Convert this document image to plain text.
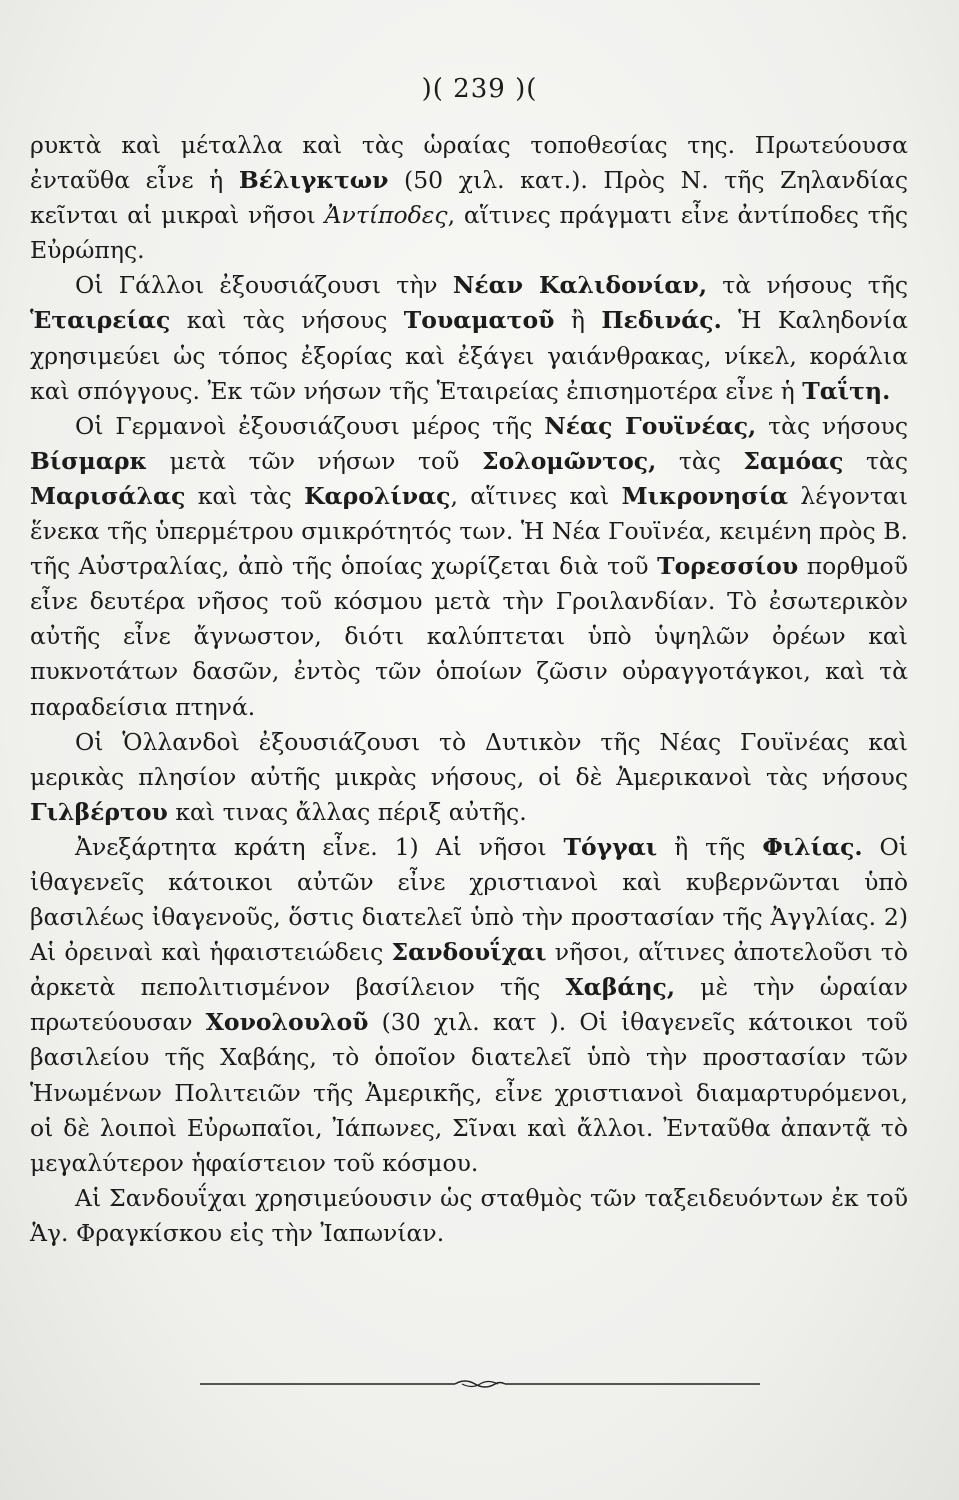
)( 239 )(

ρυκτὰ καὶ μέταλλα καὶ τὰς ὡραίας τοποθεσίας της. Πρωτεύουσα ἐνταῦθα εἶνε ἡ Βέλιγκτων (50 χιλ. κατ.). Πρὸς Ν. τῆς Ζηλανδίας κεῖνται αἱ μικραὶ νῆσοι Ἀντίποδες, αἵτινες πράγματι εἶνε ἀντίποδες τῆς Εὐρώπης.

Οἱ Γάλλοι ἐξουσιάζουσι τὴν Νέαν Καλιδονίαν, τὰ νήσους τῆς Ἑταιρείας καὶ τὰς νήσους Τουαματοῦ ἢ Πεδινάς. Ἡ Καληδονία χρησιμεύει ὡς τόπος ἐξορίας καὶ ἐξάγει γαιάνθρακας, νίκελ, κοράλια καὶ σπόγγους. Ἐκ τῶν νήσων τῆς Ἑταιρείας ἐπισημοτέρα εἶνε ἡ Ταΐτη.

Οἱ Γερμανοὶ ἐξουσιάζουσι μέρος τῆς Νέας Γουϊνέας, τὰς νήσους Βίσμαρκ μετὰ τῶν νήσων τοῦ Σολομῶντος, τὰς Σαμόας τὰς Μαρισάλας καὶ τὰς Καρολίνας, αἵτινες καὶ Μικρονησία λέγονται ἕνεκα τῆς ὑπερμέτρου σμικρότητός των. Ἡ Νέα Γουϊνέα, κειμένη πρὸς Β. τῆς Αὐστραλίας, ἀπὸ τῆς ὁποίας χωρίζεται διὰ τοῦ Τορεσσίου πορθμοῦ εἶνε δευτέρα νῆσος τοῦ κόσμου μετὰ τὴν Γροιλανδίαν. Τὸ ἐσωτερικὸν αὐτῆς εἶνε ἄγνωστον, διότι καλύπτεται ὑπὸ ὑψηλῶν ὀρέων καὶ πυκνοτάτων δασῶν, ἐντὸς τῶν ὁποίων ζῶσιν οὐραγγοτάγκοι, καὶ τὰ παραδείσια πτηνά.

Οἱ Ὁλλανδοὶ ἐξουσιάζουσι τὸ Δυτικὸν τῆς Νέας Γουϊνέας καὶ μερικὰς πλησίον αὐτῆς μικρὰς νήσους, οἱ δὲ Ἀμερικανοὶ τὰς νήσους Γιλβέρτου καὶ τινας ἄλλας πέριξ αὐτῆς.

Ἀνεξάρτητα κράτη εἶνε. 1) Αἱ νῆσοι Τόγγαι ἢ τῆς Φιλίας. Οἱ ἰθαγενεῖς κάτοικοι αὐτῶν εἶνε χριστιανοὶ καὶ κυβερνῶνται ὑπὸ βασιλέως ἰθαγενοῦς, ὅστις διατελεῖ ὑπὸ τὴν προστασίαν τῆς Ἀγγλίας. 2) Αἱ ὀρειναὶ καὶ ἡφαιστειώδεις Σανδουΐχαι νῆσοι, αἵτινες ἀποτελοῦσι τὸ ἀρκετὰ πεπολιτισμένον βασίλειον τῆς Χαβάης, μὲ τὴν ὡραίαν πρωτεύουσαν Χονολουλοῦ (30 χιλ. κατ ). Οἱ ἰθαγενεῖς κάτοικοι τοῦ βασιλείου τῆς Χαβάης, τὸ ὁποῖον διατελεῖ ὑπὸ τὴν προστασίαν τῶν Ἡνωμένων Πολιτειῶν τῆς Ἀμερικῆς, εἶνε χριστιανοὶ διαμαρτυρόμενοι, οἱ δὲ λοιποὶ Εὐρωπαῖοι, Ἰάπωνες, Σῖναι καὶ ἄλλοι. Ἐνταῦθα ἀπαντᾷ τὸ μεγαλύτερον ἡφαίστειον τοῦ κόσμου.

Αἱ Σανδουΐχαι χρησιμεύουσιν ὡς σταθμὸς τῶν ταξειδευόντων ἐκ τοῦ Ἁγ. Φραγκίσκου εἰς τὴν Ἰαπωνίαν.
